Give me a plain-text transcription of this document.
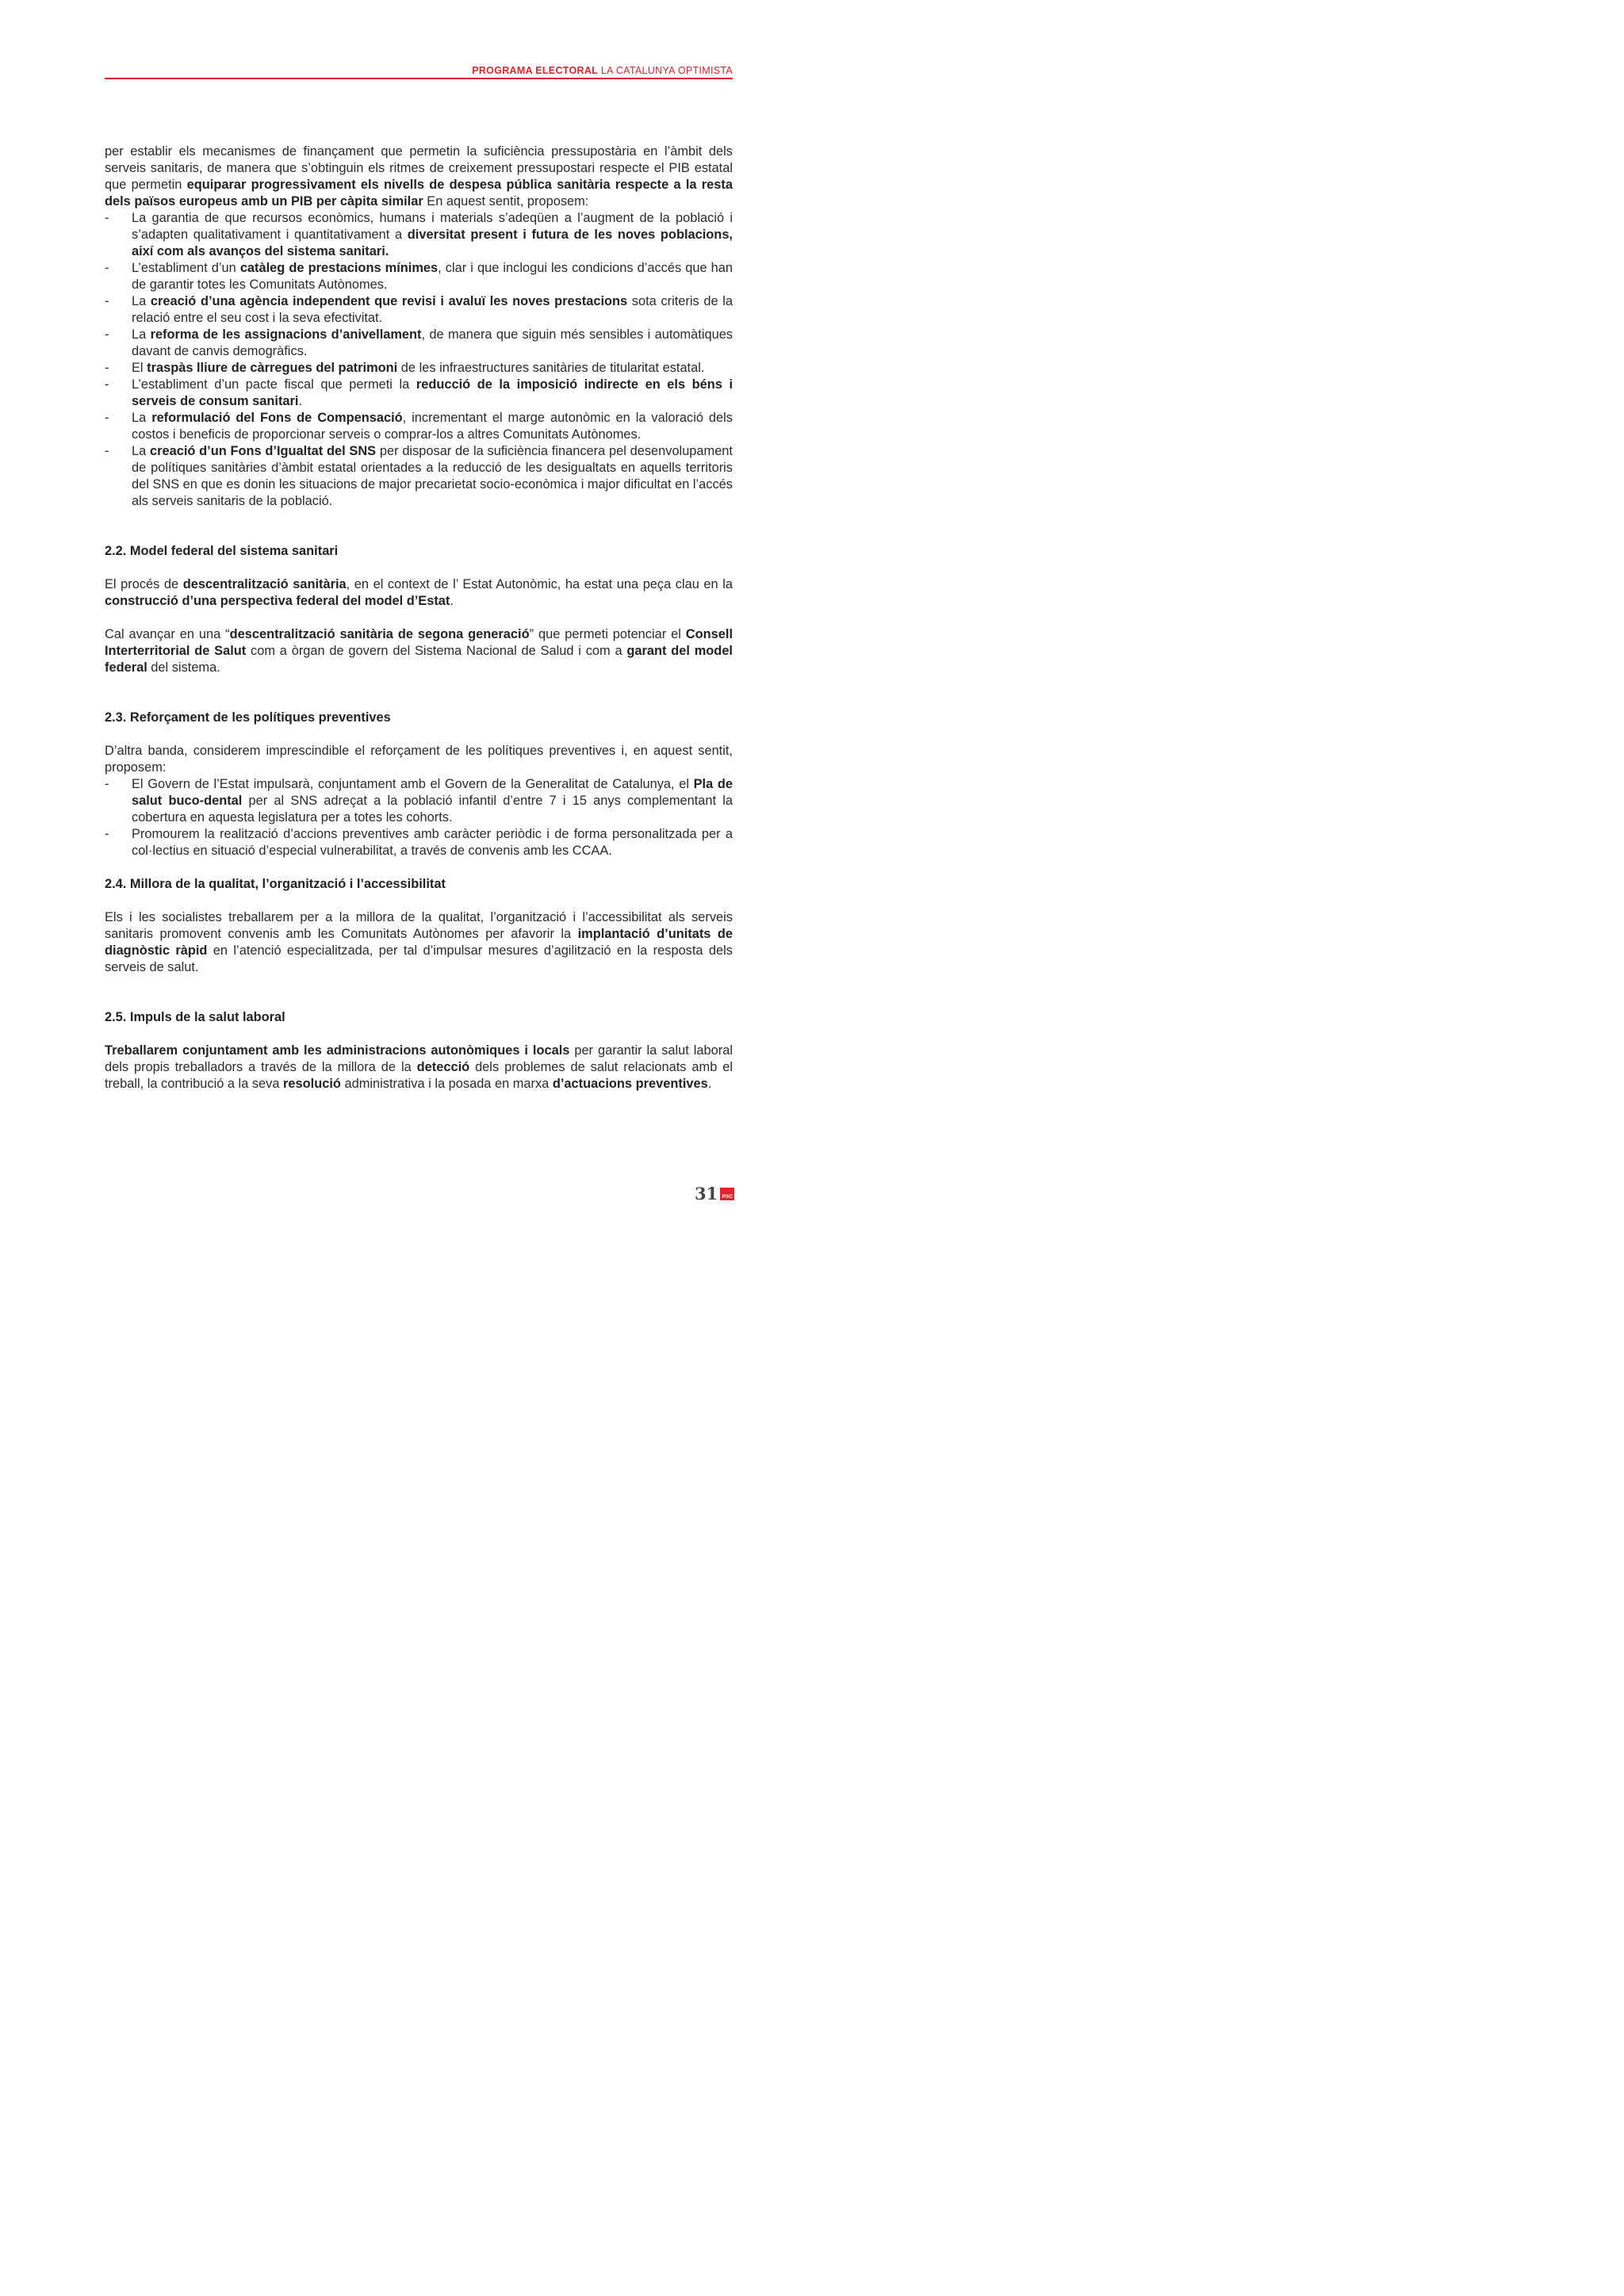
PROGRAMA ELECTORAL LA CATALUNYA OPTIMISTA

per establir els mecanismes de finançament que permetin la suficiència pressupostària en l’àmbit dels serveis sanitaris, de manera que s’obtinguin els ritmes de creixement pressupostari respecte el PIB estatal que permetin equiparar progressivament els nivells de despesa pública sanitària respecte a la resta dels països europeus amb un PIB per càpita similar En aquest sentit, proposem:

- La garantia de que recursos econòmics, humans i materials s’adeqüen a l’augment de la població i s’adapten qualitativament i quantitativament a diversitat present i futura de les noves poblacions, així com als avanços del sistema sanitari.
- L’establiment d’un catàleg de prestacions mínimes, clar i que inclogui les condicions d’accés que han de garantir totes les Comunitats Autònomes.
- La creació d’una agència independent que revisi i avaluï les noves prestacions sota criteris de la relació entre el seu cost i la seva efectivitat.
- La reforma de les assignacions d’anivellament, de manera que siguin més sensibles i automàtiques davant de canvis demogràfics.
- El traspàs lliure de càrregues del patrimoni de les infraestructures sanitàries de titularitat estatal.
- L’establiment d’un pacte fiscal que permeti la reducció de la imposició indirecte en els béns i serveis de consum sanitari.
- La reformulació del Fons de Compensació, incrementant el marge autonòmic en la valoració dels costos i beneficis de proporcionar serveis o comprar-los a altres Comunitats Autònomes.
- La creació d’un Fons d’Igualtat del SNS per disposar de la suficiència financera pel desenvolupament de polítiques sanitàries d’àmbit estatal orientades a la reducció de les desigualtats en aquells territoris del SNS en que es donin les situacions de major precarietat socio-econòmica i major dificultat en l’accés als serveis sanitaris de la població.
2.2. Model federal del sistema sanitari

El procés de descentralització sanitària, en el context de l’ Estat Autonòmic, ha estat una peça clau en la construcció d’una perspectiva federal del model d’Estat.

Cal avançar en una “descentralització sanitària de segona generació” que permeti potenciar el Consell Interterritorial de Salut com a òrgan de govern del Sistema Nacional de Salud i com a garant del model federal del sistema.

2.3. Reforçament de les polítiques preventives

D’altra banda, considerem imprescindible el reforçament de les polítiques preventives i, en aquest sentit, proposem:

- El Govern de l’Estat impulsarà, conjuntament amb el Govern de la Generalitat de Catalunya, el Pla de salut buco-dental per al SNS adreçat a la població infantil d’entre 7 i 15 anys complementant la cobertura en aquesta legislatura per a totes les cohorts.
- Promourem la realització d’accions preventives amb caràcter periòdic i de forma personalitzada per a col·lectius en situació d’especial vulnerabilitat, a través de convenis amb les CCAA.
2.4. Millora de la qualitat, l’organització i l’accessibilitat

Els i les socialistes treballarem per a la millora de la qualitat, l’organització i l’accessibilitat als serveis sanitaris promovent convenis amb les Comunitats Autònomes per afavorir la implantació d’unitats de diagnòstic ràpid en l’atenció especialitzada, per tal d’impulsar mesures d’agilització en la resposta dels serveis de salut.

2.5. Impuls de la salut laboral

Treballarem conjuntament amb les administracions autonòmiques i locals per garantir la salut laboral dels propis treballadors a través de la millora de la detecció dels problemes de salut relacionats amb el treball, la contribució a la seva resolució administrativa i la posada en marxa d’actuacions preventives.

31 PSC
